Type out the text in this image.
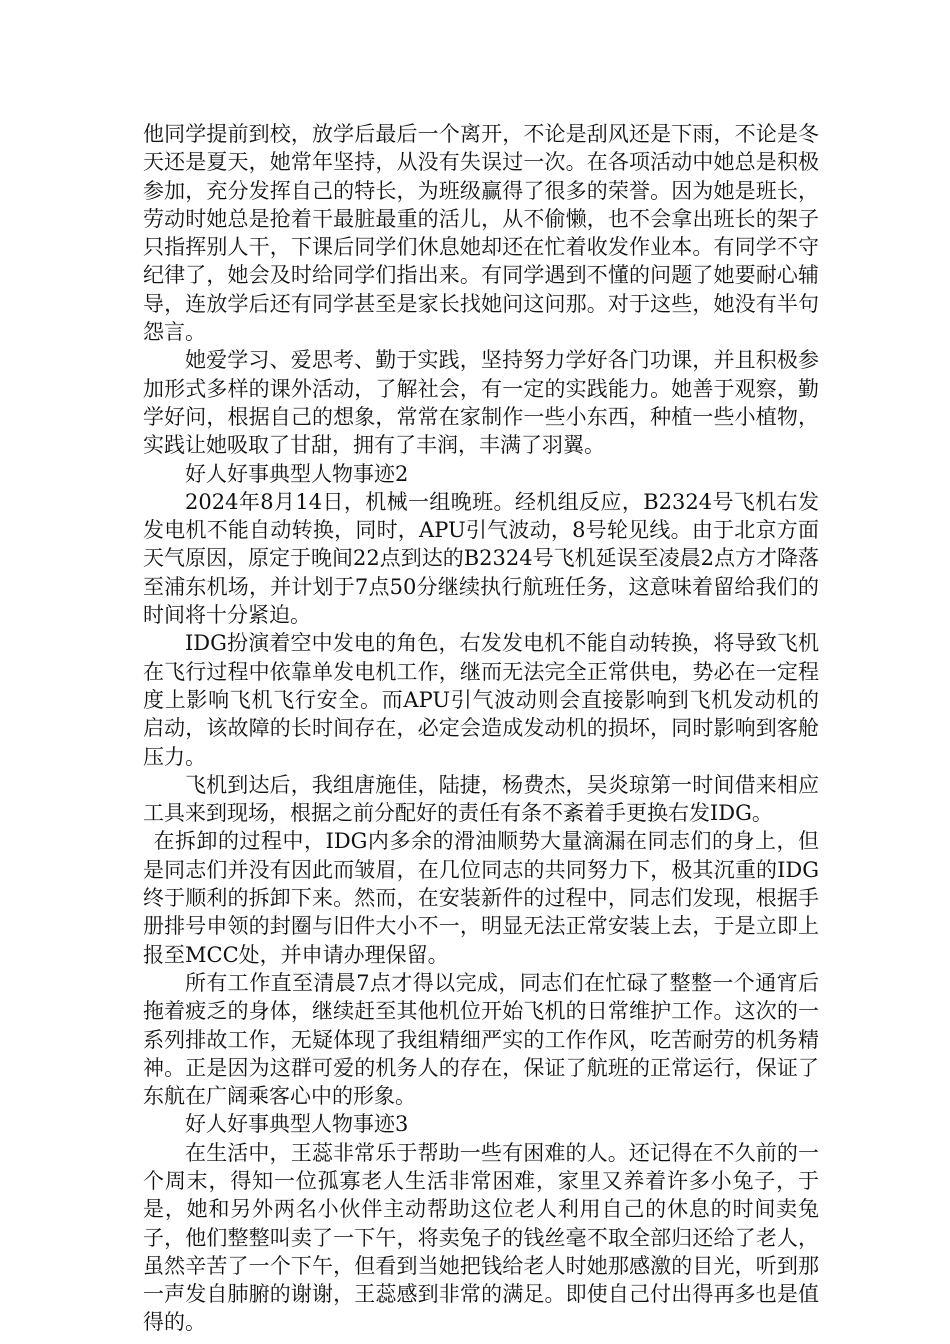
他同学提前到校，放学后最后一个离开，不论是刮风还是下雨，不论是冬天还是夏天，她常年坚持，从没有失误过一次。在各项活动中她总是积极参加，充分发挥自己的特长，为班级赢得了很多的荣誉。因为她是班长，劳动时她总是抢着干最脏最重的活儿，从不偷懒，也不会拿出班长的架子只指挥别人干，下课后同学们休息她却还在忙着收发作业本。有同学不守纪律了，她会及时给同学们指出来。有同学遇到不懂的问题了她要耐心辅导，连放学后还有同学甚至是家长找她问这问那。对于这些，她没有半句怨言。

她爱学习、爱思考、勤于实践，坚持努力学好各门功课，并且积极参加形式多样的课外活动，了解社会，有一定的实践能力。她善于观察，勤学好问，根据自己的想象，常常在家制作一些小东西，种植一些小植物，实践让她吸取了甘甜，拥有了丰润，丰满了羽翼。

好人好事典型人物事迹2

2024年8月14日，机械一组晚班。经机组反应，B2324号飞机右发发电机不能自动转换，同时，APU引气波动，8号轮见线。由于北京方面天气原因，原定于晚间22点到达的B2324号飞机延误至凌晨2点方才降落至浦东机场，并计划于7点50分继续执行航班任务，这意味着留给我们的时间将十分紧迫。

IDG扮演着空中发电的角色，右发发电机不能自动转换，将导致飞机在飞行过程中依靠单发电机工作，继而无法完全正常供电，势必在一定程度上影响飞机飞行安全。而APU引气波动则会直接影响到飞机发动机的启动，该故障的长时间存在，必定会造成发动机的损坏，同时影响到客舱压力。

飞机到达后，我组唐施佳，陆捷，杨费杰，吴炎琼第一时间借来相应工具来到现场，根据之前分配好的责任有条不紊着手更换右发IDG。

在拆卸的过程中，IDG内多余的滑油顺势大量滴漏在同志们的身上，但是同志们并没有因此而皱眉，在几位同志的共同努力下，极其沉重的IDG终于顺利的拆卸下来。然而，在安装新件的过程中，同志们发现，根据手册排号申领的封圈与旧件大小不一，明显无法正常安装上去，于是立即上报至MCC处，并申请办理保留。

所有工作直至清晨7点才得以完成，同志们在忙碌了整整一个通宵后拖着疲乏的身体，继续赶至其他机位开始飞机的日常维护工作。这次的一系列排故工作，无疑体现了我组精细严实的工作作风，吃苦耐劳的机务精神。正是因为这群可爱的机务人的存在，保证了航班的正常运行，保证了东航在广阔乘客心中的形象。

好人好事典型人物事迹3

在生活中，王蕊非常乐于帮助一些有困难的人。还记得在不久前的一个周末，得知一位孤寡老人生活非常困难，家里又养着许多小兔子，于是，她和另外两名小伙伴主动帮助这位老人利用自己的休息的时间卖兔子，他们整整叫卖了一下午，将卖兔子的钱丝毫不取全部归还给了老人，虽然辛苦了一个下午，但看到当她把钱给老人时她那感激的目光，听到那一声发自肺腑的谢谢，王蕊感到非常的满足。即使自己付出得再多也是值得的。
